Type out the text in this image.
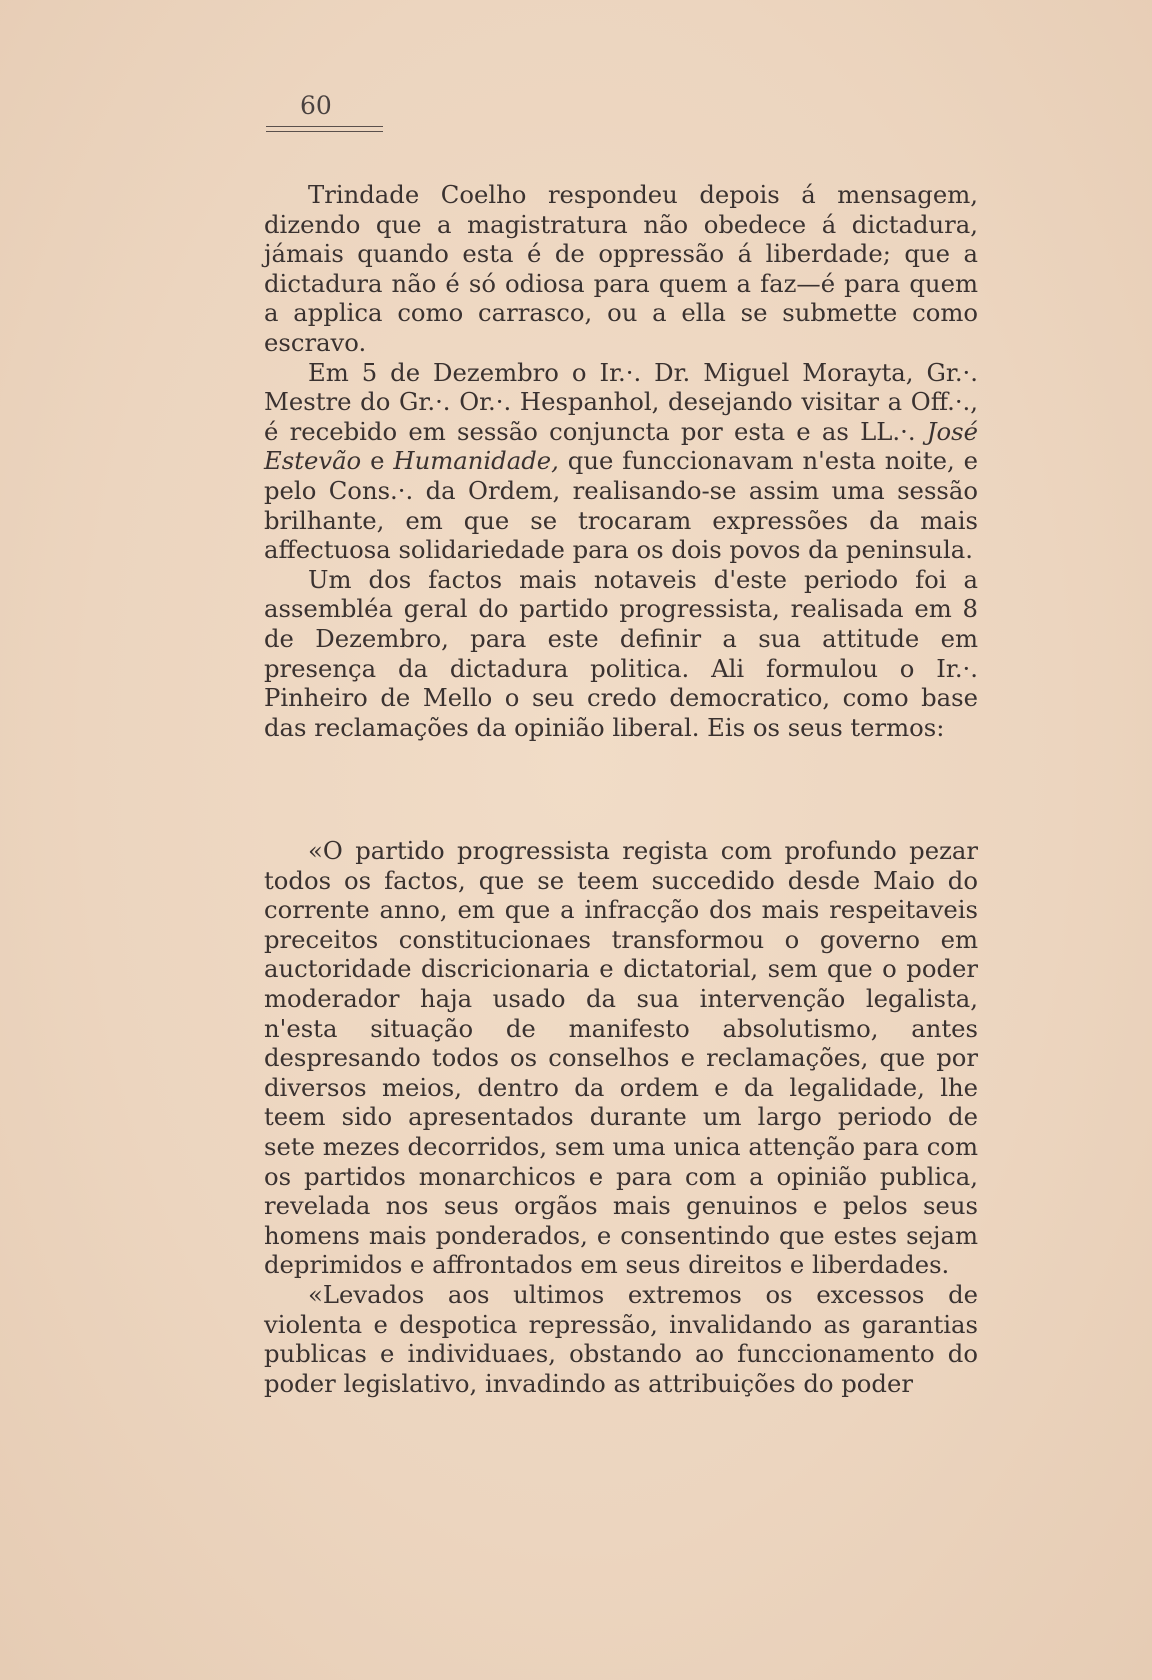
60

Trindade Coelho respondeu depois á mensagem, dizendo que a magistratura não obedece á dictadura, jámais quando esta é de oppressão á liberdade; que a dictadura não é só odiosa para quem a faz—é para quem a applica como carrasco, ou a ella se submette como escravo.

Em 5 de Dezembro o Ir.·. Dr. Miguel Morayta, Gr.·. Mestre do Gr.·. Or.·. Hespanhol, desejando visitar a Off.·., é recebido em sessão conjuncta por esta e as LL.·. José Estevão e Humanidade, que funccionavam n'esta noite, e pelo Cons.·. da Ordem, realisando-se assim uma sessão brilhante, em que se trocaram expressões da mais affectuosa solidariedade para os dois povos da peninsula.

Um dos factos mais notaveis d'este periodo foi a assembléa geral do partido progressista, realisada em 8 de Dezembro, para este definir a sua attitude em presença da dictadura politica. Ali formulou o Ir.·. Pinheiro de Mello o seu credo democratico, como base das reclamações da opinião liberal. Eis os seus termos:

«O partido progressista regista com profundo pezar todos os factos, que se teem succedido desde Maio do corrente anno, em que a infracção dos mais respeitaveis preceitos constitucionaes transformou o governo em auctoridade discricionaria e dictatorial, sem que o poder moderador haja usado da sua intervenção legalista, n'esta situação de manifesto absolutismo, antes despresando todos os conselhos e reclamações, que por diversos meios, dentro da ordem e da legalidade, lhe teem sido apresentados durante um largo periodo de sete mezes decorridos, sem uma unica attenção para com os partidos monarchicos e para com a opinião publica, revelada nos seus orgãos mais genuinos e pelos seus homens mais ponderados, e consentindo que estes sejam deprimidos e affrontados em seus direitos e liberdades.

«Levados aos ultimos extremos os excessos de violenta e despotica repressão, invalidando as garantias publicas e individuaes, obstando ao funccionamento do poder legislativo, invadindo as attribuições do poder
